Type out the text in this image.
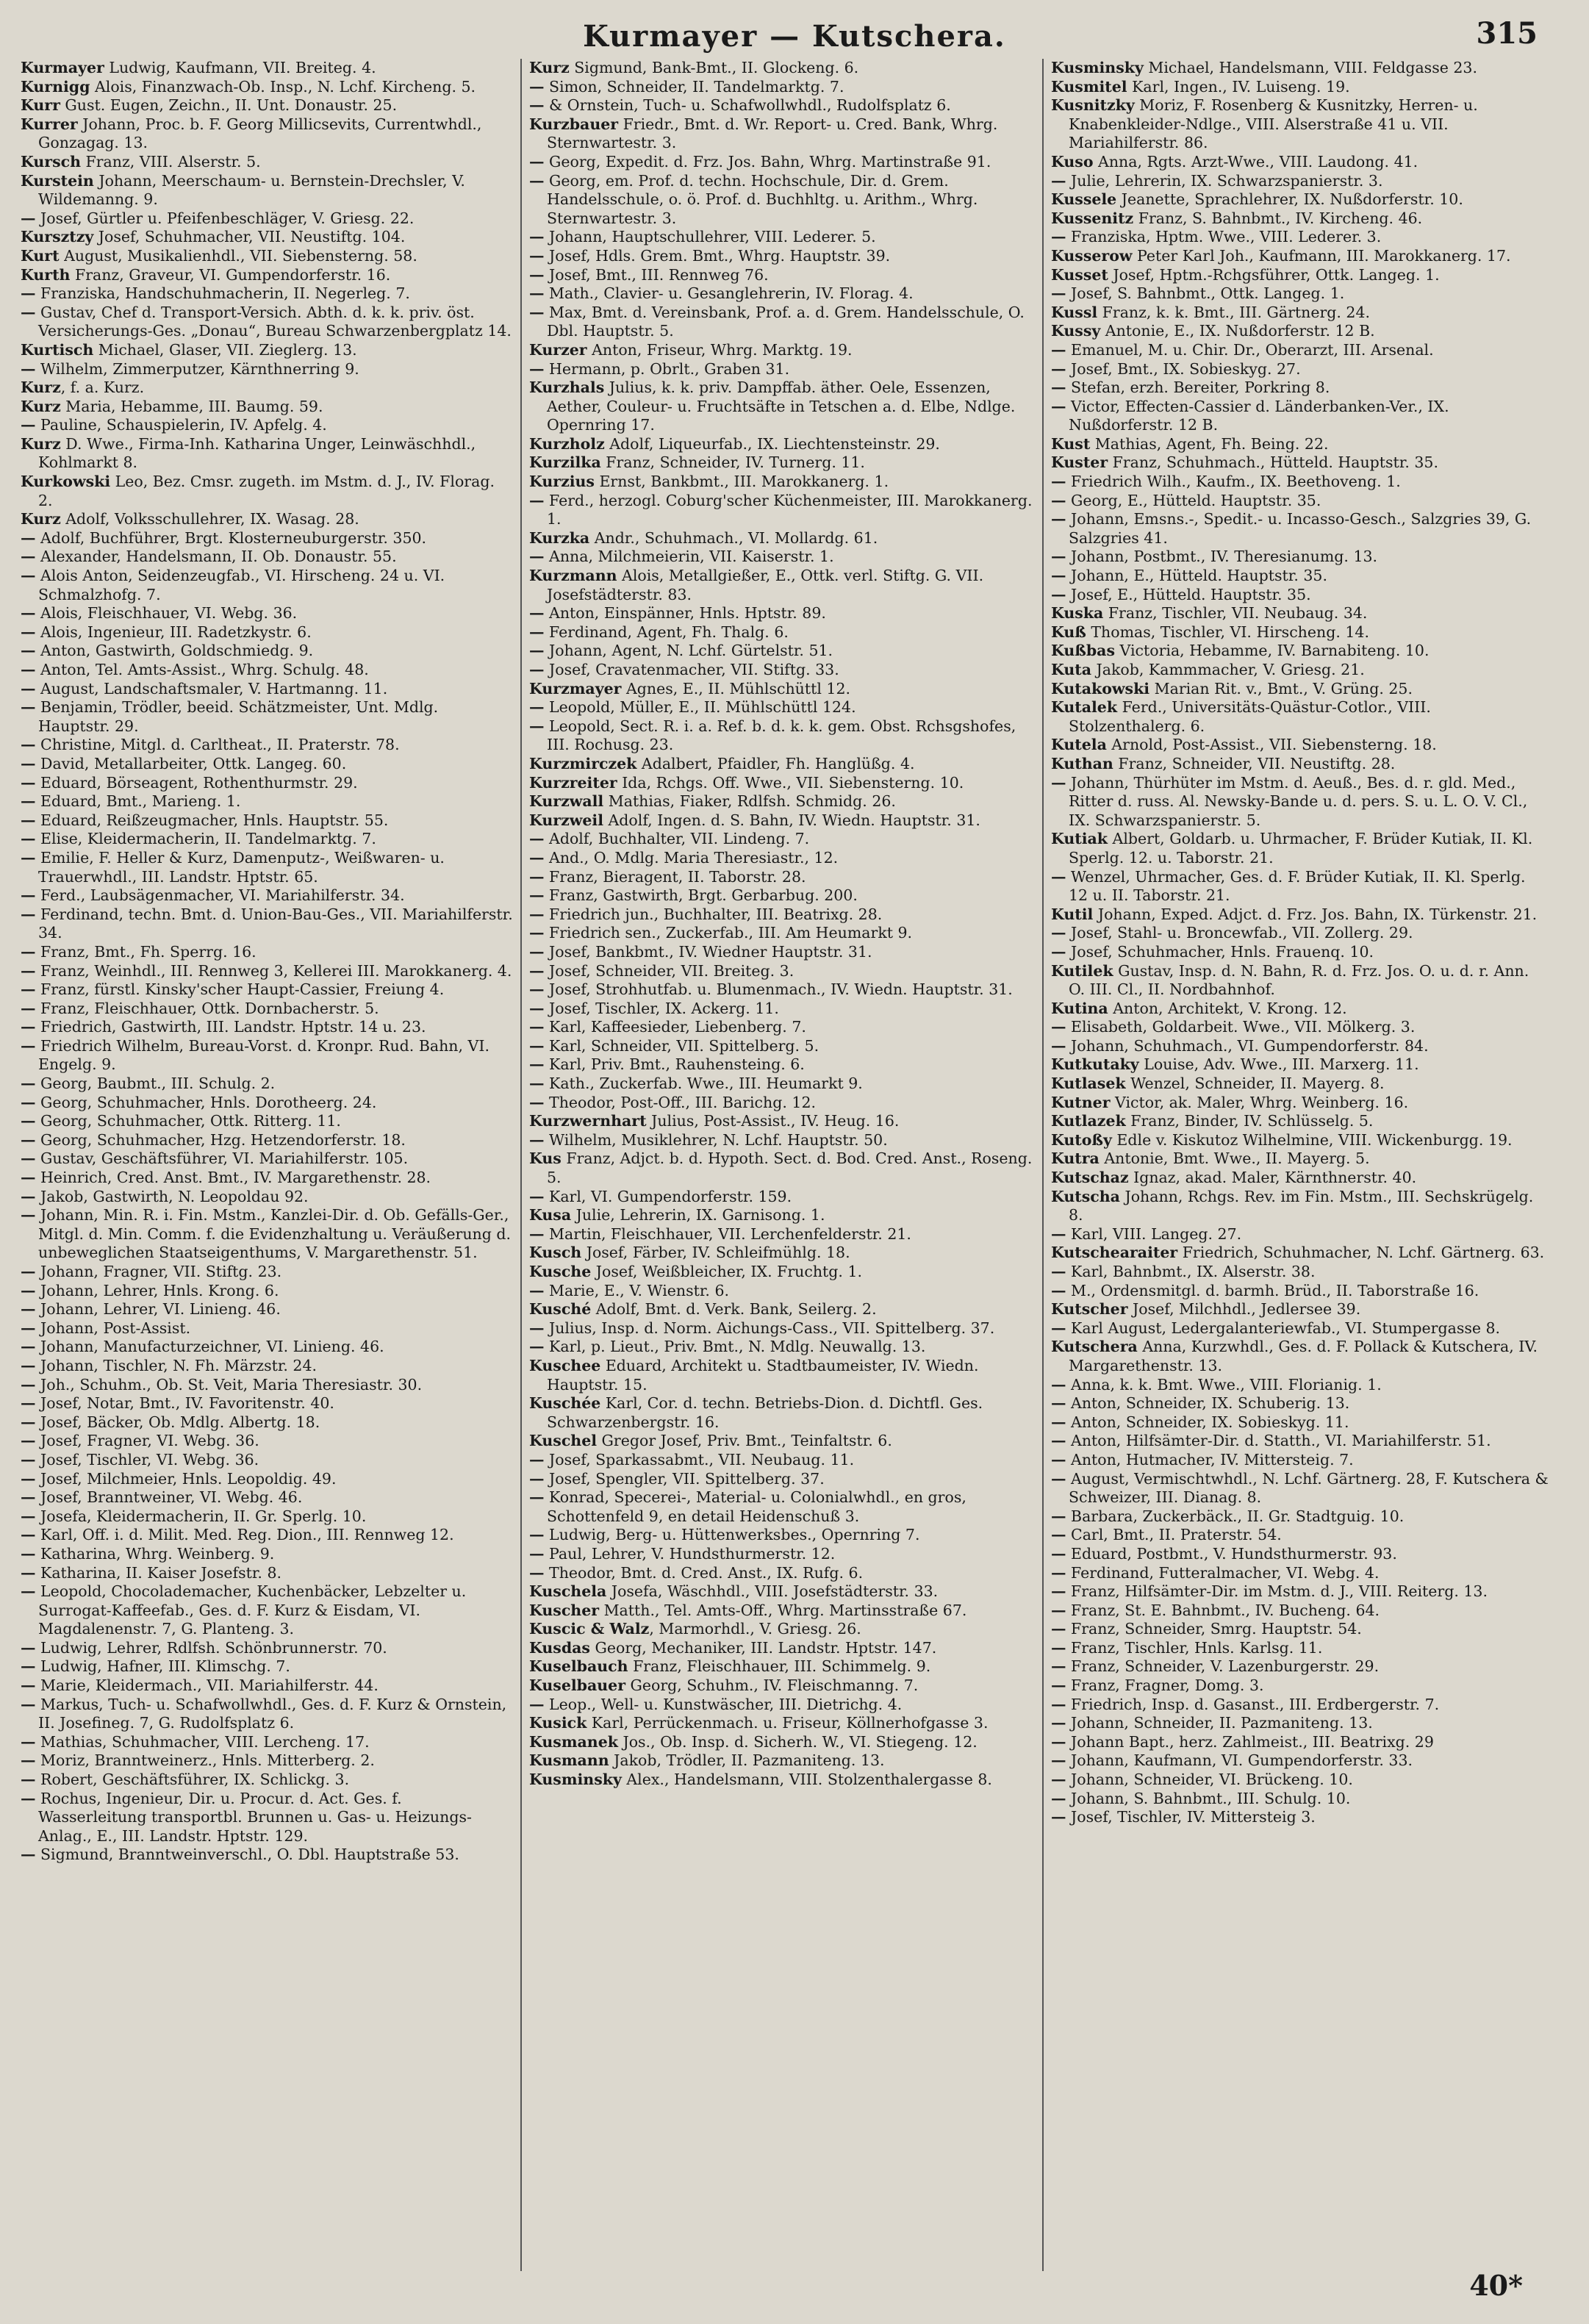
Kurmayer — Kutschera.	315
Kurmayer Ludwig, Kaufmann, VII. Breiteg. 4.
Kurnigg Alois, Finanzwach-Ob. Insp., N. Lchf. Kircheng. 5.
Kurr Gust. Eugen, Zeichn., II. Unt. Donaustr. 25.
Kurrer Johann, Proc. b. F. Georg Millicsevits, Currentwhdl., Gonzagag. 13.
Kursch Franz, VIII. Alserstr. 5.
Kurstein Johann, Meerschaum- u. Bernstein-Drechsler, V. Wildemanng. 9.
— Josef, Gürtler u. Pfeifenbeschläger, V. Griesg. 22.
Kursztzy Josef, Schuhmacher, VII. Neustiftg. 104.
Kurt August, Musikalienhdl., VII. Siebensterng. 58.
Kurth Franz, Graveur, VI. Gumpendorferstr. 16.
— Franziska, Handschuhmacherin, II. Negerleg. 7.
— Gustav, Chef d. Transport-Versich. Abth. d. k. k. priv. öst. Versicherungs-Ges. „Donau“, Bureau Schwarzenbergplatz 14.
Kurtisch Michael, Glaser, VII. Zieglerg. 13.
— Wilhelm, Zimmerputzer, Kärnthnerring 9.
Kurz, f. a. Kurz.
Kurz Maria, Hebamme, III. Baumg. 59.
— Pauline, Schauspielerin, IV. Apfelg. 4.
Kurz D. Wwe., Firma-Inh. Katharina Unger, Leinwäschhdl., Kohlmarkt 8.
Kurkowski Leo, Bez. Cmsr. zugeth. im Mstm. d. J., IV. Florag. 2.
Kurz Adolf, Volksschullehrer, IX. Wasag. 28.
— Adolf, Buchführer, Brgt. Klosterneuburgerstr. 350.
— Alexander, Handelsmann, II. Ob. Donaustr. 55.
— Alois Anton, Seidenzeugfab., VI. Hirscheng. 24 u. VI. Schmalzhofg. 7.
— Alois, Fleischhauer, VI. Webg. 36.
— Alois, Ingenieur, III. Radetzkystr. 6.
— Anton, Gastwirth, Goldschmiedg. 9.
— Anton, Tel. Amts-Assist., Whrg. Schulg. 48.
— August, Landschaftsmaler, V. Hartmanng. 11.
— Benjamin, Trödler, beeid. Schätzmeister, Unt. Mdlg. Hauptstr. 29.
— Christine, Mitgl. d. Carltheat., II. Praterstr. 78.
— David, Metallarbeiter, Ottk. Langeg. 60.
— Eduard, Börseagent, Rothenthurmstr. 29.
— Eduard, Bmt., Marieng. 1.
— Eduard, Reißzeugmacher, Hnls. Hauptstr. 55.
— Elise, Kleidermacherin, II. Tandelmarktg. 7.
— Emilie, F. Heller & Kurz, Damenputz-, Weißwaren- u. Trauerwhdl., III. Landstr. Hptstr. 65.
— Ferd., Laubsägenmacher, VI. Mariahilferstr. 34.
— Ferdinand, techn. Bmt. d. Union-Bau-Ges., VII. Mariahilferstr. 34.
— Franz, Bmt., Fh. Sperrg. 16.
— Franz, Weinhdl., III. Rennweg 3, Kellerei III. Marokkanerg. 4.
— Franz, fürstl. Kinsky'scher Haupt-Cassier, Freiung 4.
— Franz, Fleischhauer, Ottk. Dornbacherstr. 5.
— Friedrich, Gastwirth, III. Landstr. Hptstr. 14 u. 23.
— Friedrich Wilhelm, Bureau-Vorst. d. Kronpr. Rud. Bahn, VI. Engelg. 9.
— Georg, Baubmt., III. Schulg. 2.
— Georg, Schuhmacher, Hnls. Dorotheerg. 24.
— Georg, Schuhmacher, Ottk. Ritterg. 11.
— Georg, Schuhmacher, Hzg. Hetzendorferstr. 18.
— Gustav, Geschäftsführer, VI. Mariahilferstr. 105.
— Heinrich, Cred. Anst. Bmt., IV. Margarethenstr. 28.
— Jakob, Gastwirth, N. Leopoldau 92.
— Johann, Min. R. i. Fin. Mstm., Kanzlei-Dir. d. Ob. Gefälls-Ger., Mitgl. d. Min. Comm. f. die Evidenzhaltung u. Veräußerung d. unbeweglichen Staatseigenthums, V. Margarethenstr. 51.
— Johann, Fragner, VII. Stiftg. 23.
— Johann, Lehrer, Hnls. Krong. 6.
— Johann, Lehrer, VI. Linieng. 46.
— Johann, Post-Assist.
— Johann, Manufacturzeichner, VI. Linieng. 46.
— Johann, Tischler, N. Fh. Märzstr. 24.
— Joh., Schuhm., Ob. St. Veit, Maria Theresiastr. 30.
— Josef, Notar, Bmt., IV. Favoritenstr. 40.
— Josef, Bäcker, Ob. Mdlg. Albertg. 18.
— Josef, Fragner, VI. Webg. 36.
— Josef, Tischler, VI. Webg. 36.
— Josef, Milchmeier, Hnls. Leopoldig. 49.
— Josef, Branntweiner, VI. Webg. 46.
— Josefa, Kleidermacherin, II. Gr. Sperlg. 10.
— Karl, Off. i. d. Milit. Med. Reg. Dion., III. Rennweg 12.
— Katharina, Whrg. Weinberg. 9.
— Katharina, II. Kaiser Josefstr. 8.
— Leopold, Chocolademacher, Kuchenbäcker, Lebzelter u. Surrogat-Kaffeefab., Ges. d. F. Kurz & Eisdam, VI. Magdalenenstr. 7, G. Planteng. 3.
— Ludwig, Lehrer, Rdlfsh. Schönbrunnerstr. 70.
— Ludwig, Hafner, III. Klimschg. 7.
— Marie, Kleidermach., VII. Mariahilferstr. 44.
— Markus, Tuch- u. Schafwollwhdl., Ges. d. F. Kurz & Ornstein, II. Josefineg. 7, G. Rudolfsplatz 6.
— Mathias, Schuhmacher, VIII. Lercheng. 17.
— Moriz, Branntweinerz., Hnls. Mitterberg. 2.
— Robert, Geschäftsführer, IX. Schlickg. 3.
— Rochus, Ingenieur, Dir. u. Procur. d. Act. Ges. f. Wasserleitung transportbl. Brunnen u. Gas- u. Heizungs-Anlag., E., III. Landstr. Hptstr. 129.
— Sigmund, Branntweinverschl., O. Dbl. Hauptstraße 53.
Kurz Sigmund, Bank-Bmt., II. Glockeng. 6.
— Simon, Schneider, II. Tandelmarktg. 7.
— & Ornstein, Tuch- u. Schafwollwhdl., Rudolfsplatz 6.
Kurzbauer Friedr., Bmt. d. Wr. Report- u. Cred. Bank, Whrg. Sternwartestr. 3.
— Georg, Expedit. d. Frz. Jos. Bahn, Whrg. Martinstraße 91.
— Georg, em. Prof. d. techn. Hochschule, Dir. d. Grem. Handelsschule, o. ö. Prof. d. Buchhltg. u. Arithm., Whrg. Sternwartestr. 3.
— Johann, Hauptschullehrer, VIII. Lederer. 5.
— Josef, Hdls. Grem. Bmt., Whrg. Hauptstr. 39.
— Josef, Bmt., III. Rennweg 76.
— Math., Clavier- u. Gesanglehrerin, IV. Florag. 4.
— Max, Bmt. d. Vereinsbank, Prof. a. d. Grem. Handelsschule, O. Dbl. Hauptstr. 5.
Kurzer Anton, Friseur, Whrg. Marktg. 19.
— Hermann, p. Obrlt., Graben 31.
Kurzhals Julius, k. k. priv. Dampffab. äther. Oele, Essenzen, Aether, Couleur- u. Fruchtsäfte in Tetschen a. d. Elbe, Ndlge. Opernring 17.
Kurzholz Adolf, Liqueurfab., IX. Liechtensteinstr. 29.
Kurzilka Franz, Schneider, IV. Turnerg. 11.
Kurzius Ernst, Bankbmt., III. Marokkanerg. 1.
— Ferd., herzogl. Coburg'scher Küchenmeister, III. Marokkanerg. 1.
Kurzka Andr., Schuhmach., VI. Mollardg. 61.
— Anna, Milchmeierin, VII. Kaiserstr. 1.
Kurzmann Alois, Metallgießer, E., Ottk. verl. Stiftg. G. VII. Josefstädterstr. 83.
— Anton, Einspänner, Hnls. Hptstr. 89.
— Ferdinand, Agent, Fh. Thalg. 6.
— Johann, Agent, N. Lchf. Gürtelstr. 51.
— Josef, Cravatenmacher, VII. Stiftg. 33.
Kurzmayer Agnes, E., II. Mühlschüttl 12.
— Leopold, Müller, E., II. Mühlschüttl 124.
— Leopold, Sect. R. i. a. Ref. b. d. k. k. gem. Obst. Rchsgshofes, III. Rochusg. 23.
Kurzmirczek Adalbert, Pfaidler, Fh. Hanglüßg. 4.
Kurzreiter Ida, Rchgs. Off. Wwe., VII. Siebensterng. 10.
Kurzwall Mathias, Fiaker, Rdlfsh. Schmidg. 26.
Kurzweil Adolf, Ingen. d. S. Bahn, IV. Wiedn. Hauptstr. 31.
— Adolf, Buchhalter, VII. Lindeng. 7.
— And., O. Mdlg. Maria Theresiastr., 12.
— Franz, Bieragent, II. Taborstr. 28.
— Franz, Gastwirth, Brgt. Gerbarbug. 200.
— Friedrich jun., Buchhalter, III. Beatrixg. 28.
— Friedrich sen., Zuckerfab., III. Am Heumarkt 9.
— Josef, Bankbmt., IV. Wiedner Hauptstr. 31.
— Josef, Schneider, VII. Breiteg. 3.
— Josef, Strohhutfab. u. Blumenmach., IV. Wiedn. Hauptstr. 31.
— Josef, Tischler, IX. Ackerg. 11.
— Karl, Kaffeesieder, Liebenberg. 7.
— Karl, Schneider, VII. Spittelberg. 5.
— Karl, Priv. Bmt., Rauhensteing. 6.
— Kath., Zuckerfab. Wwe., III. Heumarkt 9.
— Theodor, Post-Off., III. Barichg. 12.
Kurzwernhart Julius, Post-Assist., IV. Heug. 16.
— Wilhelm, Musiklehrer, N. Lchf. Hauptstr. 50.
Kus Franz, Adjct. b. d. Hypoth. Sect. d. Bod. Cred. Anst., Roseng. 5.
— Karl, VI. Gumpendorferstr. 159.
Kusa Julie, Lehrerin, IX. Garnisong. 1.
— Martin, Fleischhauer, VII. Lerchenfelderstr. 21.
Kusch Josef, Färber, IV. Schleifmühlg. 18.
Kusche Josef, Weißbleicher, IX. Fruchtg. 1.
— Marie, E., V. Wienstr. 6.
Kusché Adolf, Bmt. d. Verk. Bank, Seilerg. 2.
— Julius, Insp. d. Norm. Aichungs-Cass., VII. Spittelberg. 37.
— Karl, p. Lieut., Priv. Bmt., N. Mdlg. Neuwallg. 13.
Kuschee Eduard, Architekt u. Stadtbaumeister, IV. Wiedn. Hauptstr. 15.
Kuschée Karl, Cor. d. techn. Betriebs-Dion. d. Dichtfl. Ges. Schwarzenbergstr. 16.
Kuschel Gregor Josef, Priv. Bmt., Teinfaltstr. 6.
— Josef, Sparkassabmt., VII. Neubaug. 11.
— Josef, Spengler, VII. Spittelberg. 37.
— Konrad, Specerei-, Material- u. Colonialwhdl., en gros, Schottenfeld 9, en detail Heidenschuß 3.
— Ludwig, Berg- u. Hüttenwerksbes., Opernring 7.
— Paul, Lehrer, V. Hundsthurmerstr. 12.
— Theodor, Bmt. d. Cred. Anst., IX. Rufg. 6.
Kuschela Josefa, Wäschhdl., VIII. Josefstädterstr. 33.
Kuscher Matth., Tel. Amts-Off., Whrg. Martinsstraße 67.
Kuscic & Walz, Marmorhdl., V. Griesg. 26.
Kusdas Georg, Mechaniker, III. Landstr. Hptstr. 147.
Kuselbauch Franz, Fleischhauer, III. Schimmelg. 9.
Kuselbauer Georg, Schuhm., IV. Fleischmanng. 7.
— Leop., Well- u. Kunstwäscher, III. Dietrichg. 4.
Kusick Karl, Perrückenmach. u. Friseur, Köllnerhofgasse 3.
Kusmanek Jos., Ob. Insp. d. Sicherh. W., VI. Stiegeng. 12.
Kusmann Jakob, Trödler, II. Pazmaniteng. 13.
Kusminsky Alex., Handelsmann, VIII. Stolzenthalergasse 8.
Kusminsky Michael, Handelsmann, VIII. Feldgasse 23.
Kusmitel Karl, Ingen., IV. Luiseng. 19.
Kusnitzky Moriz, F. Rosenberg & Kusnitzky, Herren- u. Knabenkleider-Ndlge., VIII. Alserstraße 41 u. VII. Mariahilferstr. 86.
Kuso Anna, Rgts. Arzt-Wwe., VIII. Laudong. 41.
— Julie, Lehrerin, IX. Schwarzspanierstr. 3.
Kussele Jeanette, Sprachlehrer, IX. Nußdorferstr. 10.
Kussenitz Franz, S. Bahnbmt., IV. Kircheng. 46.
— Franziska, Hptm. Wwe., VIII. Lederer. 3.
Kusserow Peter Karl Joh., Kaufmann, III. Marokkanerg. 17.
Kusset Josef, Hptm.-Rchgsführer, Ottk. Langeg. 1.
— Josef, S. Bahnbmt., Ottk. Langeg. 1.
Kussl Franz, k. k. Bmt., III. Gärtnerg. 24.
Kussy Antonie, E., IX. Nußdorferstr. 12 B.
— Emanuel, M. u. Chir. Dr., Oberarzt, III. Arsenal.
— Josef, Bmt., IX. Sobieskyg. 27.
— Stefan, erzh. Bereiter, Porkring 8.
— Victor, Effecten-Cassier d. Länderbanken-Ver., IX. Nußdorferstr. 12 B.
Kust Mathias, Agent, Fh. Being. 22.
Kuster Franz, Schuhmach., Hütteld. Hauptstr. 35.
— Friedrich Wilh., Kaufm., IX. Beethoveng. 1.
— Georg, E., Hütteld. Hauptstr. 35.
— Johann, Emsns.-, Spedit.- u. Incasso-Gesch., Salzgries 39, G. Salzgries 41.
— Johann, Postbmt., IV. Theresianumg. 13.
— Johann, E., Hütteld. Hauptstr. 35.
— Josef, E., Hütteld. Hauptstr. 35.
Kuska Franz, Tischler, VII. Neubaug. 34.
Kuß Thomas, Tischler, VI. Hirscheng. 14.
Kußbas Victoria, Hebamme, IV. Barnabiteng. 10.
Kuta Jakob, Kammmacher, V. Griesg. 21.
Kutakowski Marian Rit. v., Bmt., V. Grüng. 25.
Kutalek Ferd., Universitäts-Quästur-Cotlor., VIII. Stolzenthalerg. 6.
Kutela Arnold, Post-Assist., VII. Siebensterng. 18.
Kuthan Franz, Schneider, VII. Neustiftg. 28.
— Johann, Thürhüter im Mstm. d. Aeuß., Bes. d. r. gld. Med., Ritter d. russ. Al. Newsky-Bande u. d. pers. S. u. L. O. V. Cl., IX. Schwarzspanierstr. 5.
Kutiak Albert, Goldarb. u. Uhrmacher, F. Brüder Kutiak, II. Kl. Sperlg. 12. u. Taborstr. 21.
— Wenzel, Uhrmacher, Ges. d. F. Brüder Kutiak, II. Kl. Sperlg. 12 u. II. Taborstr. 21.
Kutil Johann, Exped. Adjct. d. Frz. Jos. Bahn, IX. Türkenstr. 21.
— Josef, Stahl- u. Broncewfab., VII. Zollerg. 29.
— Josef, Schuhmacher, Hnls. Frauenq. 10.
Kutilek Gustav, Insp. d. N. Bahn, R. d. Frz. Jos. O. u. d. r. Ann. O. III. Cl., II. Nordbahnhof.
Kutina Anton, Architekt, V. Krong. 12.
— Elisabeth, Goldarbeit. Wwe., VII. Mölkerg. 3.
— Johann, Schuhmach., VI. Gumpendorferstr. 84.
Kutkutaky Louise, Adv. Wwe., III. Marxerg. 11.
Kutlasek Wenzel, Schneider, II. Mayerg. 8.
Kutner Victor, ak. Maler, Whrg. Weinberg. 16.
Kutlazek Franz, Binder, IV. Schlüsselg. 5.
Kutoßy Edle v. Kiskutoz Wilhelmine, VIII. Wickenburgg. 19.
Kutra Antonie, Bmt. Wwe., II. Mayerg. 5.
Kutschaz Ignaz, akad. Maler, Kärnthnerstr. 40.
Kutscha Johann, Rchgs. Rev. im Fin. Mstm., III. Sechskrügelg. 8.
— Karl, VIII. Langeg. 27.
Kutschearaiter Friedrich, Schuhmacher, N. Lchf. Gärtnerg. 63.
— Karl, Bahnbmt., IX. Alserstr. 38.
— M., Ordensmitgl. d. barmh. Brüd., II. Taborstraße 16.
Kutscher Josef, Milchhdl., Jedlersee 39.
— Karl August, Ledergalanteriewfab., VI. Stumpergasse 8.
Kutschera Anna, Kurzwhdl., Ges. d. F. Pollack & Kutschera, IV. Margarethenstr. 13.
— Anna, k. k. Bmt. Wwe., VIII. Florianig. 1.
— Anton, Schneider, IX. Schuberig. 13.
— Anton, Schneider, IX. Sobieskyg. 11.
— Anton, Hilfsämter-Dir. d. Statth., VI. Mariahilferstr. 51.
— Anton, Hutmacher, IV. Mittersteig. 7.
— August, Vermischtwhdl., N. Lchf. Gärtnerg. 28, F. Kutschera & Schweizer, III. Dianag. 8.
— Barbara, Zuckerbäck., II. Gr. Stadtguig. 10.
— Carl, Bmt., II. Praterstr. 54.
— Eduard, Postbmt., V. Hundsthurmerstr. 93.
— Ferdinand, Futteralmacher, VI. Webg. 4.
— Franz, Hilfsämter-Dir. im Mstm. d. J., VIII. Reiterg. 13.
— Franz, St. E. Bahnbmt., IV. Bucheng. 64.
— Franz, Schneider, Smrg. Hauptstr. 54.
— Franz, Tischler, Hnls. Karlsg. 11.
— Franz, Schneider, V. Lazenburgerstr. 29.
— Franz, Fragner, Domg. 3.
— Friedrich, Insp. d. Gasanst., III. Erdbergerstr. 7.
— Johann, Schneider, II. Pazmaniteng. 13.
— Johann Bapt., herz. Zahlmeist., III. Beatrixg. 29
— Johann, Kaufmann, VI. Gumpendorferstr. 33.
— Johann, Schneider, VI. Brückeng. 10.
— Johann, S. Bahnbmt., III. Schulg. 10.
— Josef, Tischler, IV. Mittersteig 3.
40*
